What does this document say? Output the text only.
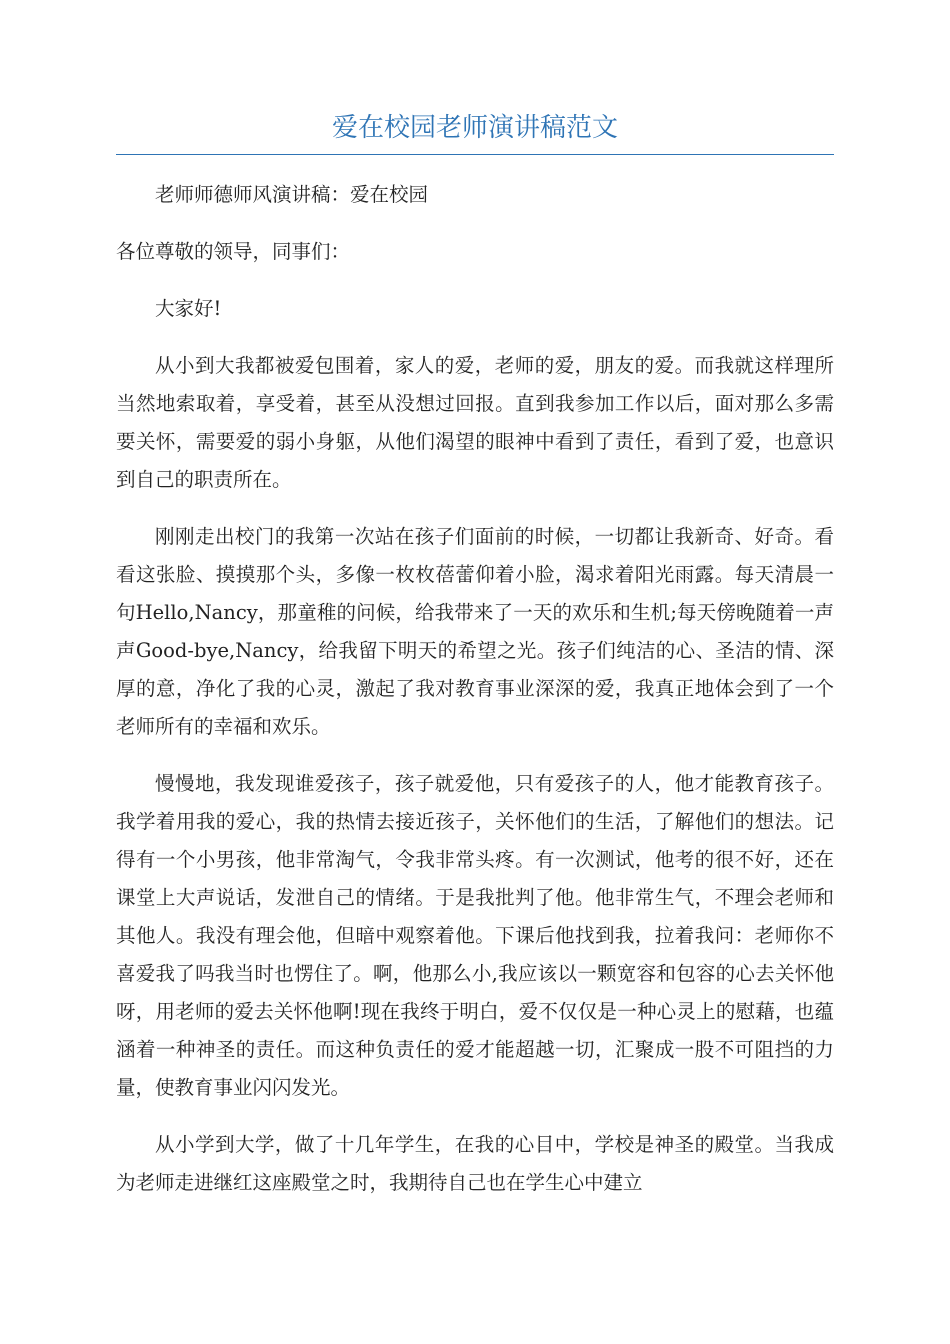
爱在校园老师演讲稿范文

老师师德师风演讲稿：爱在校园

各位尊敬的领导，同事们：

大家好!

从小到大我都被爱包围着，家人的爱，老师的爱，朋友的爱。而我就这样理所当然地索取着，享受着，甚至从没想过回报。直到我参加工作以后，面对那么多需要关怀，需要爱的弱小身躯，从他们渴望的眼神中看到了责任，看到了爱，也意识到自己的职责所在。

刚刚走出校门的我第一次站在孩子们面前的时候，一切都让我新奇、好奇。看看这张脸、摸摸那个头，多像一枚枚蓓蕾仰着小脸，渴求着阳光雨露。每天清晨一句Hello,Nancy，那童稚的问候，给我带来了一天的欢乐和生机;每天傍晚随着一声声Good-bye,Nancy，给我留下明天的希望之光。孩子们纯洁的心、圣洁的情、深厚的意，净化了我的心灵，激起了我对教育事业深深的爱，我真正地体会到了一个老师所有的幸福和欢乐。

慢慢地，我发现谁爱孩子，孩子就爱他，只有爱孩子的人，他才能教育孩子。我学着用我的爱心，我的热情去接近孩子，关怀他们的生活，了解他们的想法。记得有一个小男孩，他非常淘气，令我非常头疼。有一次测试，他考的很不好，还在课堂上大声说话，发泄自己的情绪。于是我批判了他。他非常生气，不理会老师和其他人。我没有理会他，但暗中观察着他。下课后他找到我，拉着我问：老师你不喜爱我了吗我当时也愣住了。啊，他那么小,我应该以一颗宽容和包容的心去关怀他呀，用老师的爱去关怀他啊!现在我终于明白，爱不仅仅是一种心灵上的慰藉，也蕴涵着一种神圣的责任。而这种负责任的爱才能超越一切，汇聚成一股不可阻挡的力量，使教育事业闪闪发光。

从小学到大学，做了十几年学生，在我的心目中，学校是神圣的殿堂。当我成为老师走进继红这座殿堂之时，我期待自己也在学生心中建立
